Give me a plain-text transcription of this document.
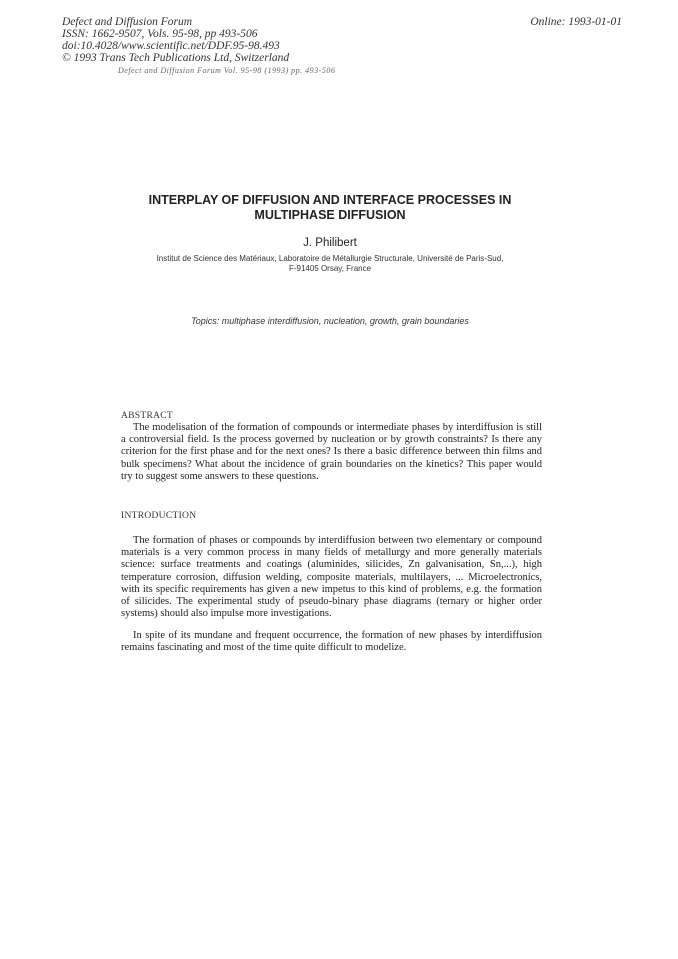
Defect and Diffusion Forum
ISSN: 1662-9507, Vols. 95-98, pp 493-506
doi:10.4028/www.scientific.net/DDF.95-98.493
© 1993 Trans Tech Publications Ltd, Switzerland
Online: 1993-01-01
Defect and Diffusion Forum Vol. 95-98 (1993) pp. 493-506
INTERPLAY OF DIFFUSION AND INTERFACE PROCESSES IN
MULTIPHASE DIFFUSION
J. Philibert
Institut de Science des Matériaux, Laboratoire de Métallurgie Structurale, Université de Paris-Sud,
F-91405 Orsay, France
Topics: multiphase interdiffusion, nucleation, growth, grain boundaries
ABSTRACT
The modelisation of the formation of compounds or intermediate phases by interdiffusion is still a controversial field. Is the process governed by nucleation or by growth constraints? Is there any criterion for the first phase and for the next ones? Is there a basic difference between thin films and bulk specimens? What about the incidence of grain boundaries on the kinetics? This paper would try to suggest some answers to these questions.
INTRODUCTION
The formation of phases or compounds by interdiffusion between two elementary or compound materials is a very common process in many fields of metallurgy and more generally materials science: surface treatments and coatings (aluminides, silicides, Zn galvanisation, Sn,...), high temperature corrosion, diffusion welding, composite materials, multilayers, ... Microelectronics, with its specific requirements has given a new impetus to this kind of problems, e.g. the formation of silicides. The experimental study of pseudo-binary phase diagrams (ternary or higher order systems) should also impulse more investigations.
In spite of its mundane and frequent occurrence, the formation of new phases by interdiffusion remains fascinating and most of the time quite difficult to modelize.
